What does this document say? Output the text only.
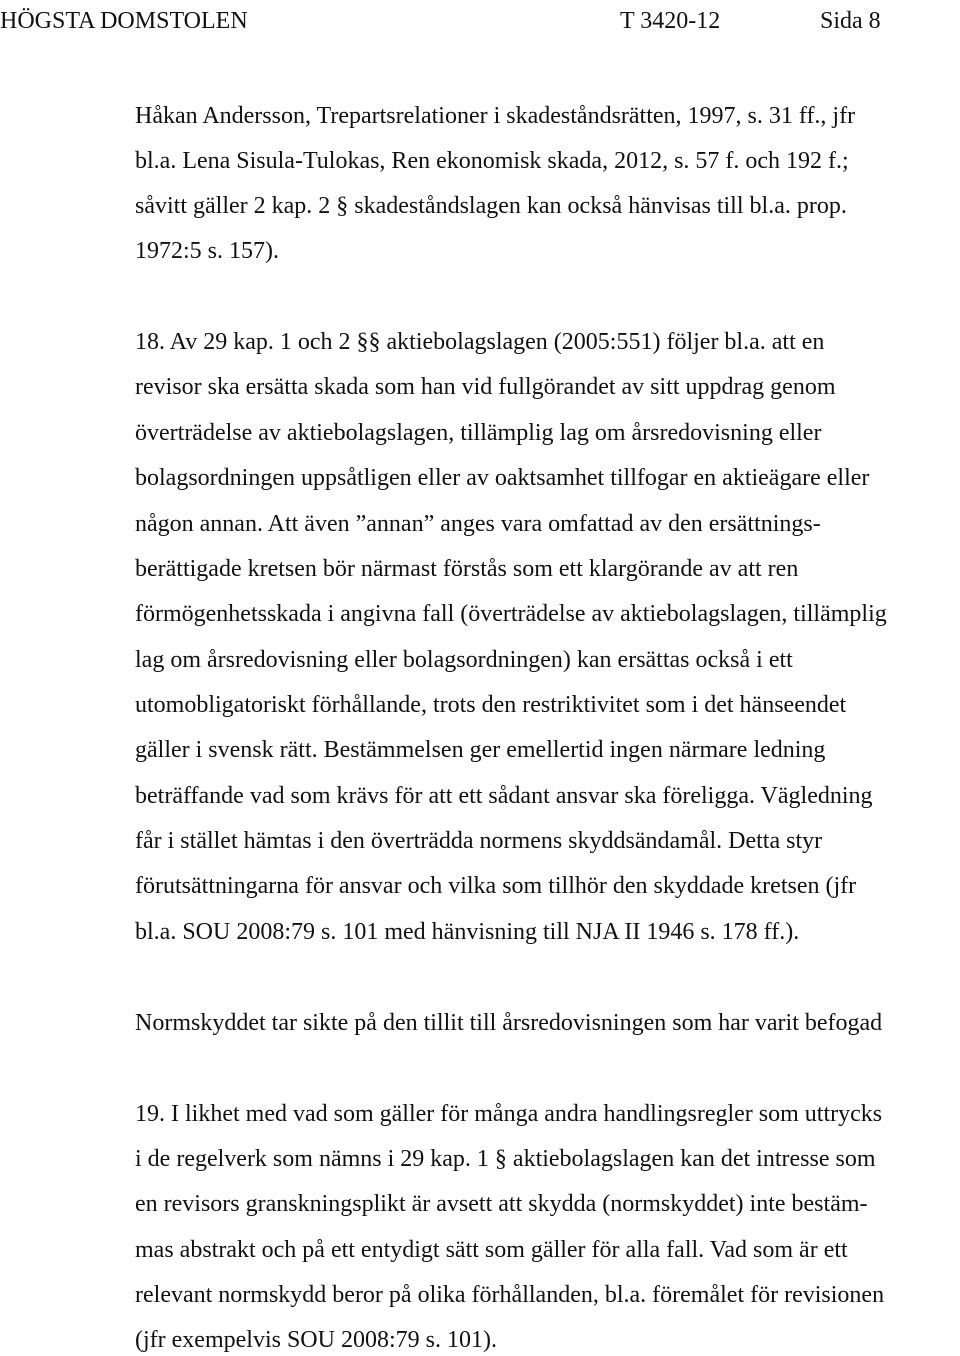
HÖGSTA DOMSTOLEN	T 3420-12	Sida 8
Håkan Andersson, Trepartsrelationer i skadeståndsrätten, 1997, s. 31 ff., jfr
bl.a. Lena Sisula-Tulokas, Ren ekonomisk skada, 2012, s. 57 f. och 192 f.;
såvitt gäller 2 kap. 2 § skadeståndslagen kan också hänvisas till bl.a. prop.
1972:5 s. 157).
18. Av 29 kap. 1 och 2 §§ aktiebolagslagen (2005:551) följer bl.a. att en
revisor ska ersätta skada som han vid fullgörandet av sitt uppdrag genom
överträdelse av aktiebolagslagen, tillämplig lag om årsredovisning eller
bolagsordningen uppsåtligen eller av oaktsamhet tillfogar en aktieägare eller
någon annan. Att även ”annan” anges vara omfattad av den ersättnings-
berättigade kretsen bör närmast förstås som ett klargörande av att ren
förmögenhetsskada i angivna fall (överträdelse av aktiebolagslagen, tillämplig
lag om årsredovisning eller bolagsordningen) kan ersättas också i ett
utomobligatoriskt förhållande, trots den restriktivitet som i det hänseendet
gäller i svensk rätt. Bestämmelsen ger emellertid ingen närmare ledning
beträffande vad som krävs för att ett sådant ansvar ska föreligga. Vägledning
får i stället hämtas i den överträdda normens skyddsändamål. Detta styr
förutsättningarna för ansvar och vilka som tillhör den skyddade kretsen (jfr
bl.a. SOU 2008:79 s. 101 med hänvisning till NJA II 1946 s. 178 ff.).
Normskyddet tar sikte på den tillit till årsredovisningen som har varit befogad
19. I likhet med vad som gäller för många andra handlingsregler som uttrycks
i de regelverk som nämns i 29 kap. 1 § aktiebolagslagen kan det intresse som
en revisors granskningsplikt är avsett att skydda (normskyddet) inte bestäm-
mas abstrakt och på ett entydigt sätt som gäller för alla fall. Vad som är ett
relevant normskydd beror på olika förhållanden, bl.a. föremålet för revisionen
(jfr exempelvis SOU 2008:79 s. 101).
